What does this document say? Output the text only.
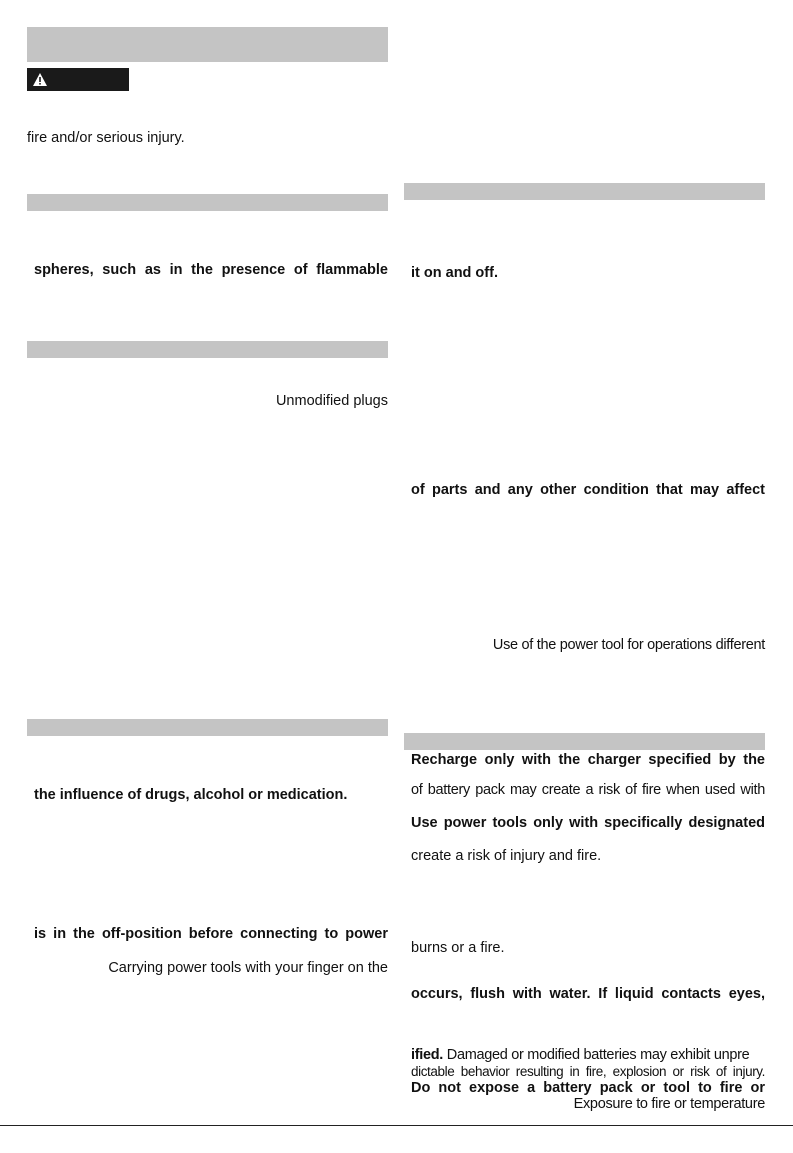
fire and/or serious injury.
spheres, such as in the presence of flammable
Unmodified plugs
the influence of drugs, alcohol or medication.
is in the off-position before connecting to power
Carrying power tools with your finger on the
it on and off.
of parts and any other condition that may affect
Use of the power tool for operations different
Recharge only with the charger specified by the
of battery pack may create a risk of fire when used with
Use power tools only with specifically designated
create a risk of injury and fire.
burns or a fire.
occurs, flush with water. If liquid contacts eyes,
ified. Damaged or modified batteries may exhibit unpre
dictable behavior resulting in fire, explosion or risk of injury.
Do not expose a battery pack or tool to fire or
Exposure to fire or temperature
